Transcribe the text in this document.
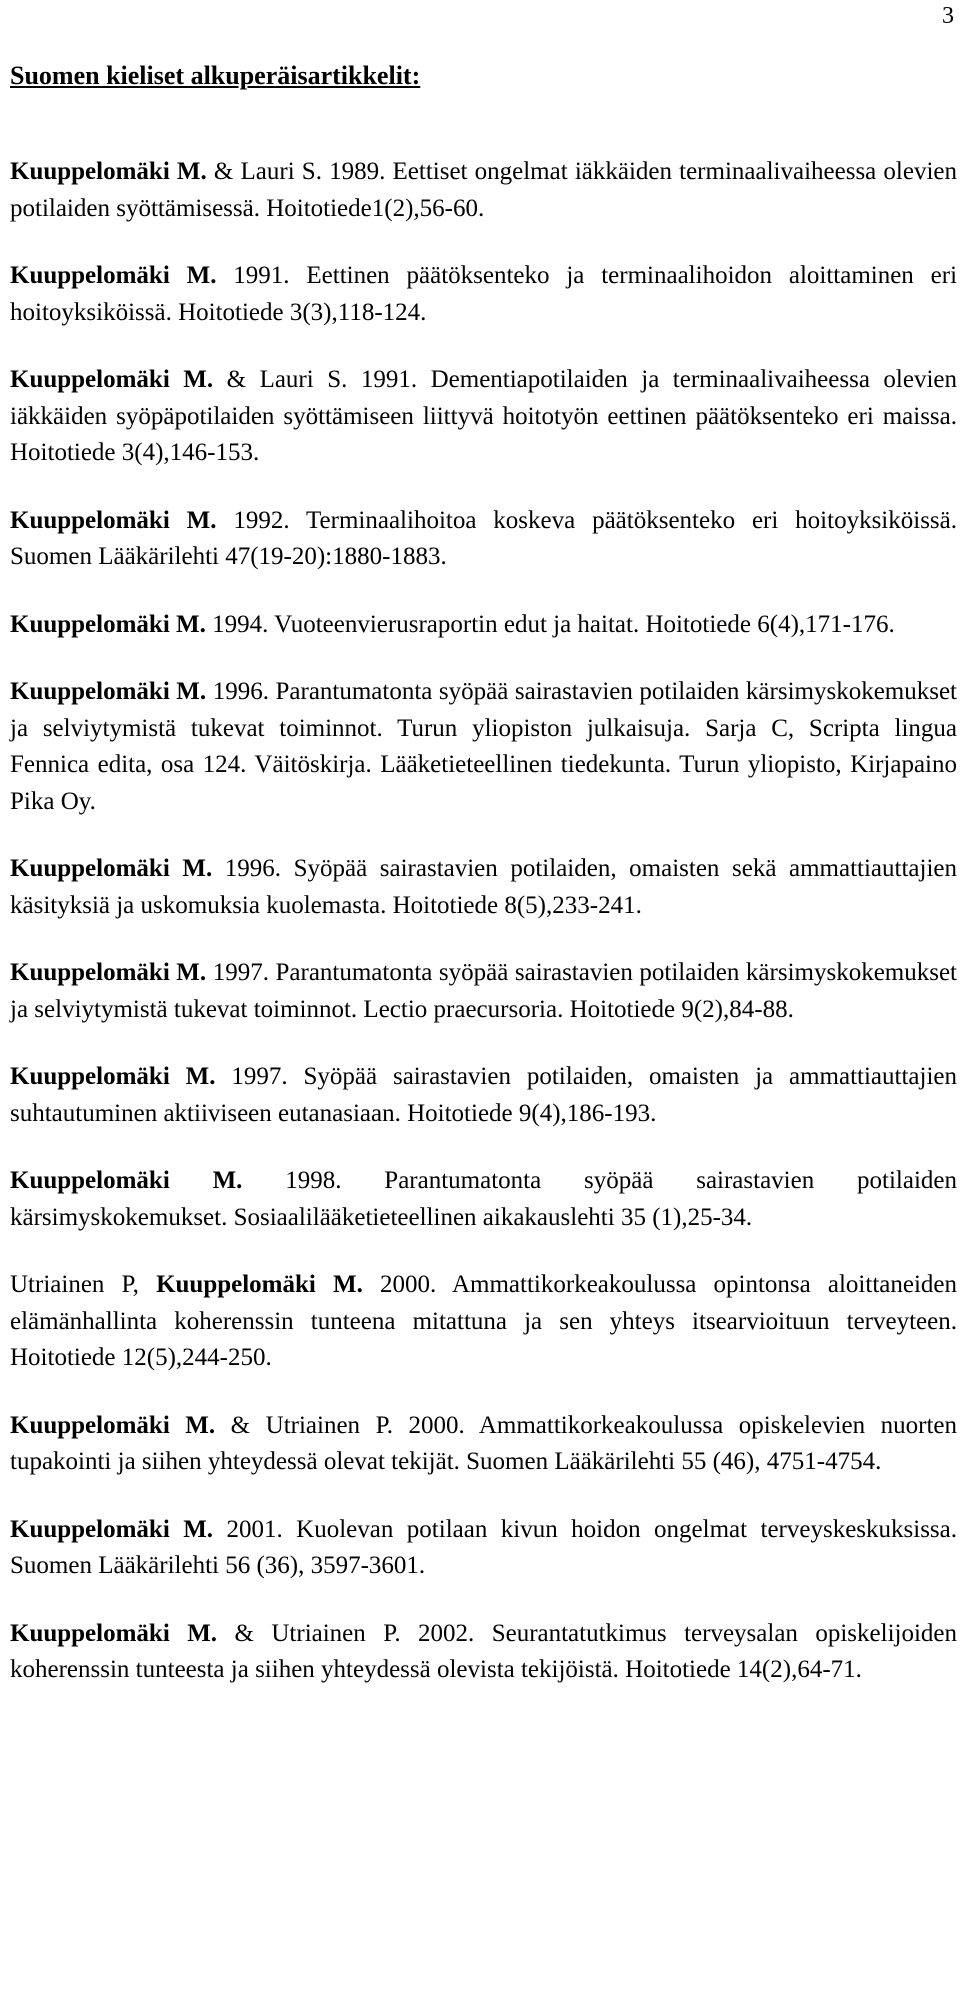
3
Suomen kieliset alkuperäisartikkelit:

Kuuppelomäki M. & Lauri S. 1989. Eettiset ongelmat iäkkäiden terminaalivaiheessa olevien potilaiden syöttämisessä. Hoitotiede1(2),56-60.

Kuuppelomäki M. 1991. Eettinen päätöksenteko ja terminaalihoidon aloittaminen eri hoitoyksiköissä. Hoitotiede 3(3),118-124.

Kuuppelomäki M. & Lauri S. 1991. Dementiapotilaiden ja terminaalivaiheessa olevien iäkkäiden syöpäpotilaiden syöttämiseen liittyvä hoitotyön eettinen päätöksenteko eri maissa. Hoitotiede 3(4),146-153.

Kuuppelomäki M. 1992. Terminaalihoitoa koskeva päätöksenteko eri hoitoyksiköissä. Suomen Lääkärilehti 47(19-20):1880-1883.

Kuuppelomäki M. 1994. Vuoteenvierusraportin edut ja haitat. Hoitotiede 6(4),171-176.

Kuuppelomäki M. 1996. Parantumatonta syöpää sairastavien potilaiden kärsimyskokemukset ja selviytymistä tukevat toiminnot. Turun yliopiston julkaisuja. Sarja C, Scripta lingua Fennica edita, osa 124. Väitöskirja. Lääketieteellinen tiedekunta. Turun yliopisto, Kirjapaino Pika Oy.

Kuuppelomäki M. 1996. Syöpää sairastavien potilaiden, omaisten sekä ammattiauttajien käsityksiä ja uskomuksia kuolemasta. Hoitotiede 8(5),233-241.

Kuuppelomäki M. 1997. Parantumatonta syöpää sairastavien potilaiden kärsimyskokemukset ja selviytymistä tukevat toiminnot. Lectio praecursoria. Hoitotiede 9(2),84-88.

Kuuppelomäki M. 1997. Syöpää sairastavien potilaiden, omaisten ja ammattiauttajien suhtautuminen aktiiviseen eutanasiaan. Hoitotiede 9(4),186-193.

Kuuppelomäki M. 1998. Parantumatonta syöpää sairastavien potilaiden kärsimyskokemukset. Sosiaalilääketieteellinen aikakauslehti 35 (1),25-34.

Utriainen P, Kuuppelomäki M. 2000. Ammattikorkeakoulussa opintonsa aloittaneiden elämänhallinta koherenssin tunteena mitattuna ja sen yhteys itsearvioituun terveyteen. Hoitotiede 12(5),244-250.

Kuuppelomäki M. & Utriainen P. 2000. Ammattikorkeakoulussa opiskelevien nuorten tupakointi ja siihen yhteydessä olevat tekijät. Suomen Lääkärilehti 55 (46), 4751-4754.

Kuuppelomäki M. 2001. Kuolevan potilaan kivun hoidon ongelmat terveyskeskuksissa. Suomen Lääkärilehti 56 (36), 3597-3601.

Kuuppelomäki M. & Utriainen P. 2002. Seurantatutkimus terveysalan opiskelijoiden koherenssin tunteesta ja siihen yhteydessä olevista tekijöistä. Hoitotiede 14(2),64-71.
